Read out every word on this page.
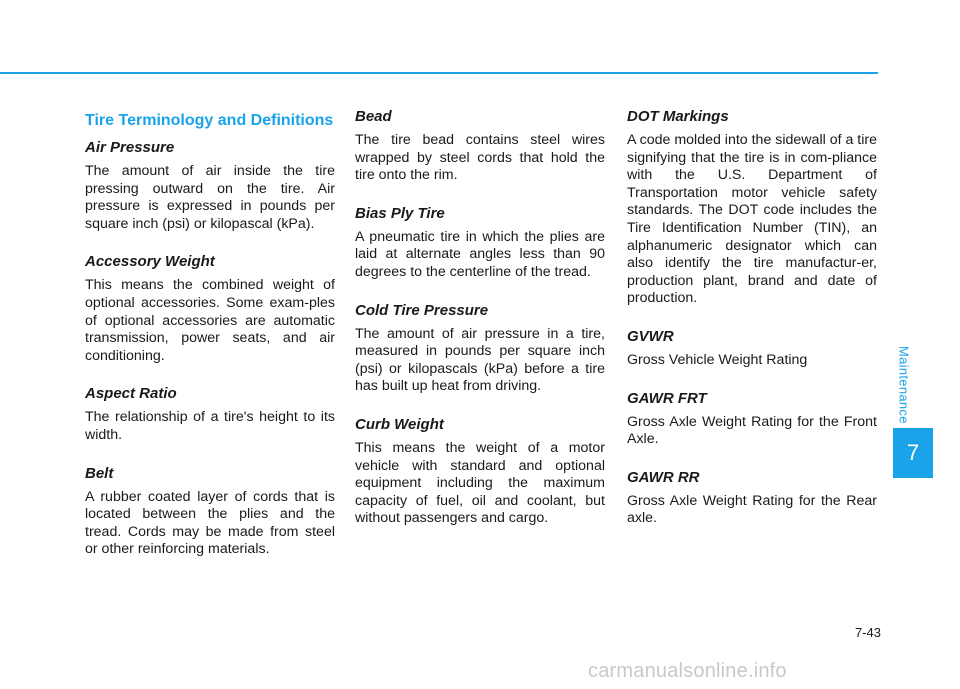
Tire Terminology and Definitions
Air Pressure
The amount of air inside the tire pressing outward on the tire. Air pressure is expressed in pounds per square inch (psi) or kilopascal (kPa).
Accessory Weight
This means the combined weight of optional accessories. Some exam-ples of optional accessories are automatic transmission, power seats, and air conditioning.
Aspect Ratio
The relationship of a tire's height to its width.
Belt
A rubber coated layer of cords that is located between the plies and the tread. Cords may be made from steel or other reinforcing materials.
Bead
The tire bead contains steel wires wrapped by steel cords that hold the tire onto the rim.
Bias Ply Tire
A pneumatic tire in which the plies are laid at alternate angles less than 90 degrees to the centerline of the tread.
Cold Tire Pressure
The amount of air pressure in a tire, measured in pounds per square inch (psi) or kilopascals (kPa) before a tire has built up heat from driving.
Curb Weight
This means the weight of a motor vehicle with standard and optional equipment including the maximum capacity of fuel, oil and coolant, but without passengers and cargo.
DOT Markings
A code molded into the sidewall of a tire signifying that the tire is in com-pliance with the U.S. Department of Transportation motor vehicle safety standards. The DOT code includes the Tire Identification Number (TIN), an alphanumeric designator which can also identify the tire manufactur-er, production plant, brand and date of production.
GVWR
Gross Vehicle Weight Rating
GAWR FRT
Gross Axle Weight Rating for the Front Axle.
GAWR RR
Gross Axle Weight Rating for the Rear axle.
Maintenance
7
7-43
carmanualsonline.info
